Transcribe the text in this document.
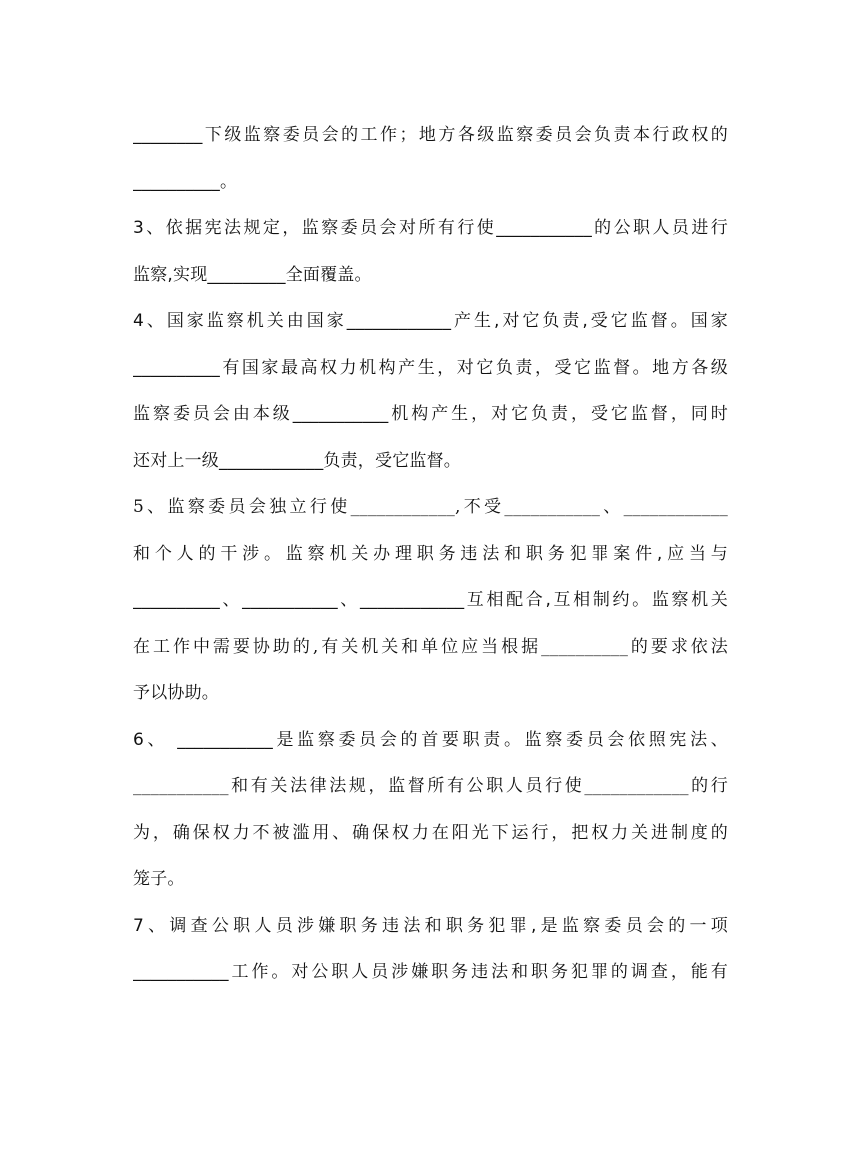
________下级监察委员会的工作；地方各级监察委员会负责本行政权的
__________。
3、依据宪法规定，监察委员会对所有行使___________的公职人员进行
监察,实现_________全面覆盖。
4、国家监察机关由国家____________产生,对它负责,受它监督。国家
__________有国家最高权力机构产生，对它负责，受它监督。地方各级
监察委员会由本级___________机构产生，对它负责，受它监督，同时
还对上一级____________负责，受它监督。
5、监察委员会独立行使____________,不受___________、____________
和个人的干涉。监察机关办理职务违法和职务犯罪案件,应当与
__________、___________、____________互相配合,互相制约。监察机关
在工作中需要协助的,有关机关和单位应当根据__________的要求依法
予以协助。
6、 ___________是监察委员会的首要职责。监察委员会依照宪法、
___________和有关法律法规，监督所有公职人员行使____________的行
为，确保权力不被滥用、确保权力在阳光下运行，把权力关进制度的
笼子。
7、调查公职人员涉嫌职务违法和职务犯罪,是监察委员会的一项
___________工作。对公职人员涉嫌职务违法和职务犯罪的调查，能有
